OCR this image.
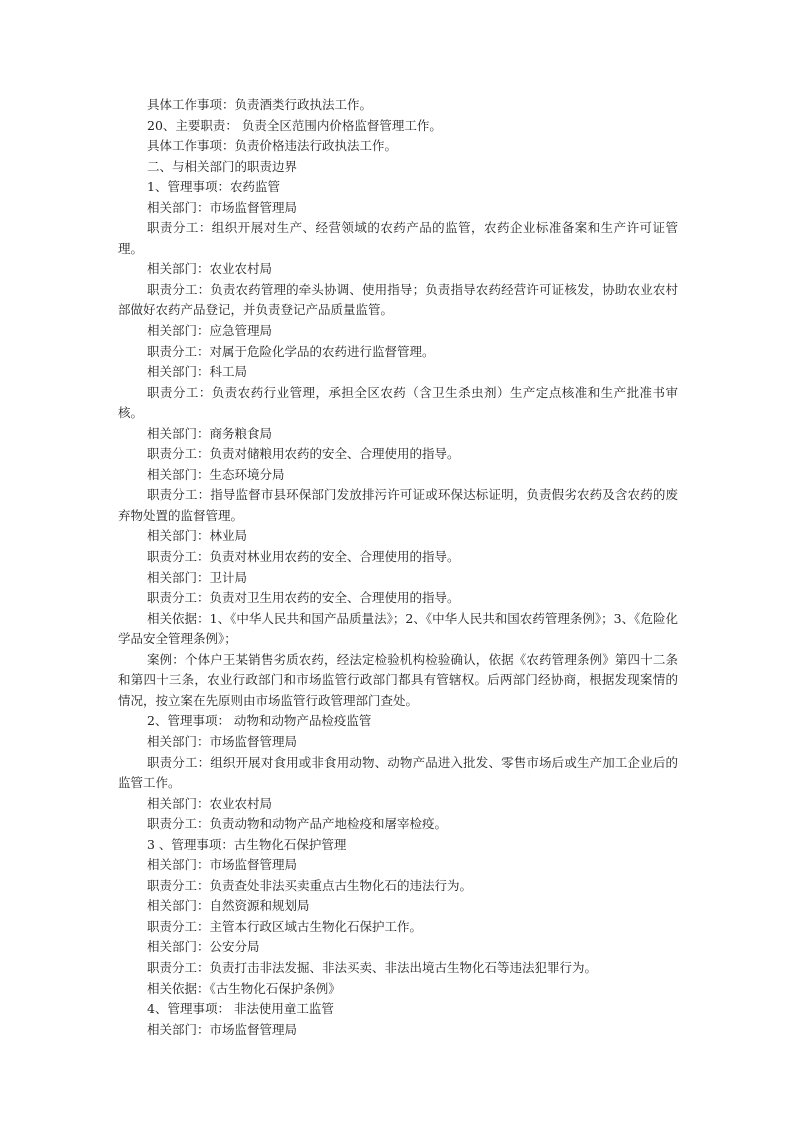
具体工作事项：负责酒类行政执法工作。

20、主要职责： 负责全区范围内价格监督管理工作。

具体工作事项：负责价格违法行政执法工作。

二、与相关部门的职责边界

1、管理事项：农药监管

相关部门：市场监督管理局

职责分工：组织开展对生产、经营领域的农药产品的监管，农药企业标准备案和生产许可证管理。

相关部门：农业农村局

职责分工：负责农药管理的牵头协调、使用指导；负责指导农药经营许可证核发，协助农业农村部做好农药产品登记，并负责登记产品质量监管。

相关部门：应急管理局

职责分工：对属于危险化学品的农药进行监督管理。

相关部门：科工局

职责分工：负责农药行业管理，承担全区农药（含卫生杀虫剂）生产定点核准和生产批准书审核。

相关部门：商务粮食局

职责分工：负责对储粮用农药的安全、合理使用的指导。

相关部门：生态环境分局

职责分工：指导监督市县环保部门发放排污许可证或环保达标证明，负责假劣农药及含农药的废弃物处置的监督管理。

相关部门：林业局

职责分工：负责对林业用农药的安全、合理使用的指导。

相关部门：卫计局

职责分工：负责对卫生用农药的安全、合理使用的指导。

相关依据：1、《中华人民共和国产品质量法》；2、《中华人民共和国农药管理条例》；3、《危险化学品安全管理条例》；

案例：个体户王某销售劣质农药，经法定检验机构检验确认，依据《农药管理条例》第四十二条和第四十三条，农业行政部门和市场监管行政部门都具有管辖权。后两部门经协商，根据发现案情的情况，按立案在先原则由市场监管行政管理部门查处。

2、管理事项： 动物和动物产品检疫监管

相关部门：市场监督管理局

职责分工：组织开展对食用或非食用动物、动物产品进入批发、零售市场后或生产加工企业后的监管工作。

相关部门：农业农村局

职责分工：负责动物和动物产品产地检疫和屠宰检疫。

3 、管理事项：古生物化石保护管理

相关部门：市场监督管理局

职责分工：负责查处非法买卖重点古生物化石的违法行为。

相关部门：自然资源和规划局

职责分工：主管本行政区域古生物化石保护工作。

相关部门：公安分局

职责分工：负责打击非法发掘、非法买卖、非法出境古生物化石等违法犯罪行为。

相关依据：《古生物化石保护条例》

4、管理事项： 非法使用童工监管

相关部门：市场监督管理局
